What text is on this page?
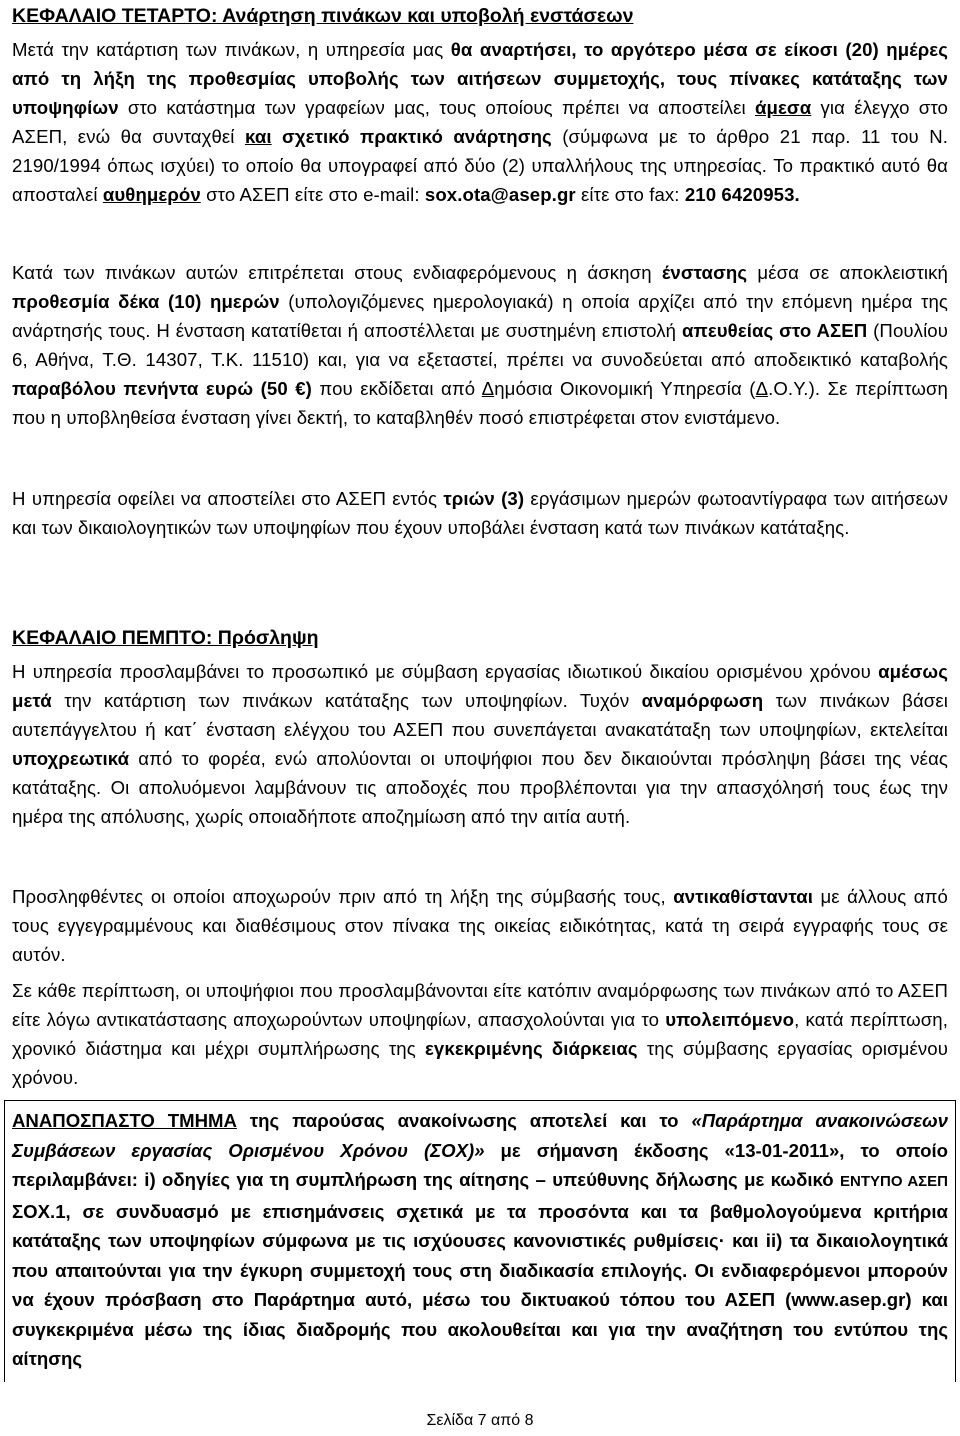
ΚΕΦΑΛΑΙΟ ΤΕΤΑΡΤΟ: Ανάρτηση πινάκων και υποβολή ενστάσεων
Μετά την κατάρτιση των πινάκων, η υπηρεσία μας θα αναρτήσει, το αργότερο μέσα σε είκοσι (20) ημέρες από τη λήξη της προθεσμίας υποβολής των αιτήσεων συμμετοχής, τους πίνακες κατάταξης των υποψηφίων στο κατάστημα των γραφείων μας, τους οποίους πρέπει να αποστείλει άμεσα για έλεγχο στο ΑΣΕΠ, ενώ θα συνταχθεί και σχετικό πρακτικό ανάρτησης (σύμφωνα με το άρθρο 21 παρ. 11 του Ν. 2190/1994 όπως ισχύει) το οποίο θα υπογραφεί από δύο (2) υπαλλήλους της υπηρεσίας. Το πρακτικό αυτό θα αποσταλεί αυθημερόν στο ΑΣΕΠ είτε στο e-mail: sox.ota@asep.gr είτε στο fax: 210 6420953.
Κατά των πινάκων αυτών επιτρέπεται στους ενδιαφερόμενους η άσκηση ένστασης μέσα σε αποκλειστική προθεσμία δέκα (10) ημερών (υπολογιζόμενες ημερολογιακά) η οποία αρχίζει από την επόμενη ημέρα της ανάρτησής τους. Η ένσταση κατατίθεται ή αποστέλλεται με συστημένη επιστολή απευθείας στο ΑΣΕΠ (Πουλίου 6, Αθήνα, Τ.Θ. 14307, Τ.Κ. 11510) και, για να εξεταστεί, πρέπει να συνοδεύεται από αποδεικτικό καταβολής παραβόλου πενήντα ευρώ (50 €) που εκδίδεται από Δημόσια Οικονομική Υπηρεσία (Δ.Ο.Υ.). Σε περίπτωση που η υποβληθείσα ένσταση γίνει δεκτή, το καταβληθέν ποσό επιστρέφεται στον ενιστάμενο.
Η υπηρεσία οφείλει να αποστείλει στο ΑΣΕΠ εντός τριών (3) εργάσιμων ημερών φωτοαντίγραφα των αιτήσεων και των δικαιολογητικών των υποψηφίων που έχουν υποβάλει ένσταση κατά των πινάκων κατάταξης.
ΚΕΦΑΛΑΙΟ ΠΕΜΠΤΟ: Πρόσληψη
Η υπηρεσία προσλαμβάνει το προσωπικό με σύμβαση εργασίας ιδιωτικού δικαίου ορισμένου χρόνου αμέσως μετά την κατάρτιση των πινάκων κατάταξης των υποψηφίων. Τυχόν αναμόρφωση των πινάκων βάσει αυτεπάγγελτου ή κατ΄ ένσταση ελέγχου του ΑΣΕΠ που συνεπάγεται ανακατάταξη των υποψηφίων, εκτελείται υποχρεωτικά από το φορέα, ενώ απολύονται οι υποψήφιοι που δεν δικαιούνται πρόσληψη βάσει της νέας κατάταξης. Οι απολυόμενοι λαμβάνουν τις αποδοχές που προβλέπονται για την απασχόλησή τους έως την ημέρα της απόλυσης, χωρίς οποιαδήποτε αποζημίωση από την αιτία αυτή.
Προσληφθέντες οι οποίοι αποχωρούν πριν από τη λήξη της σύμβασής τους, αντικαθίστανται με άλλους από τους εγγεγραμμένους και διαθέσιμους στον πίνακα της οικείας ειδικότητας, κατά τη σειρά εγγραφής τους σε αυτόν.
Σε κάθε περίπτωση, οι υποψήφιοι που προσλαμβάνονται είτε κατόπιν αναμόρφωσης των πινάκων από το ΑΣΕΠ είτε λόγω αντικατάστασης αποχωρούντων υποψηφίων, απασχολούνται για το υπολειπόμενο, κατά περίπτωση, χρονικό διάστημα και μέχρι συμπλήρωσης της εγκεκριμένης διάρκειας της σύμβασης εργασίας ορισμένου χρόνου.
ΑΝΑΠΟΣΠΑΣΤΟ ΤΜΗΜΑ της παρούσας ανακοίνωσης αποτελεί και το «Παράρτημα ανακοινώσεων Συμβάσεων εργασίας Ορισμένου Χρόνου (ΣΟΧ)» με σήμανση έκδοσης «13-01-2011», το οποίο περιλαμβάνει: i) οδηγίες για τη συμπλήρωση της αίτησης – υπεύθυνης δήλωσης με κωδικό ΕΝΤΥΠΟ ΑΣΕΠ ΣΟΧ.1, σε συνδυασμό με επισημάνσεις σχετικά με τα προσόντα και τα βαθμολογούμενα κριτήρια κατάταξης των υποψηφίων σύμφωνα με τις ισχύουσες κανονιστικές ρυθμίσεις· και ii) τα δικαιολογητικά που απαιτούνται για την έγκυρη συμμετοχή τους στη διαδικασία επιλογής. Οι ενδιαφερόμενοι μπορούν να έχουν πρόσβαση στο Παράρτημα αυτό, μέσω του δικτυακού τόπου του ΑΣΕΠ (www.asep.gr) και συγκεκριμένα μέσω της ίδιας διαδρομής που ακολουθείται και για την αναζήτηση του εντύπου της αίτησης
Σελίδα 7 από 8
